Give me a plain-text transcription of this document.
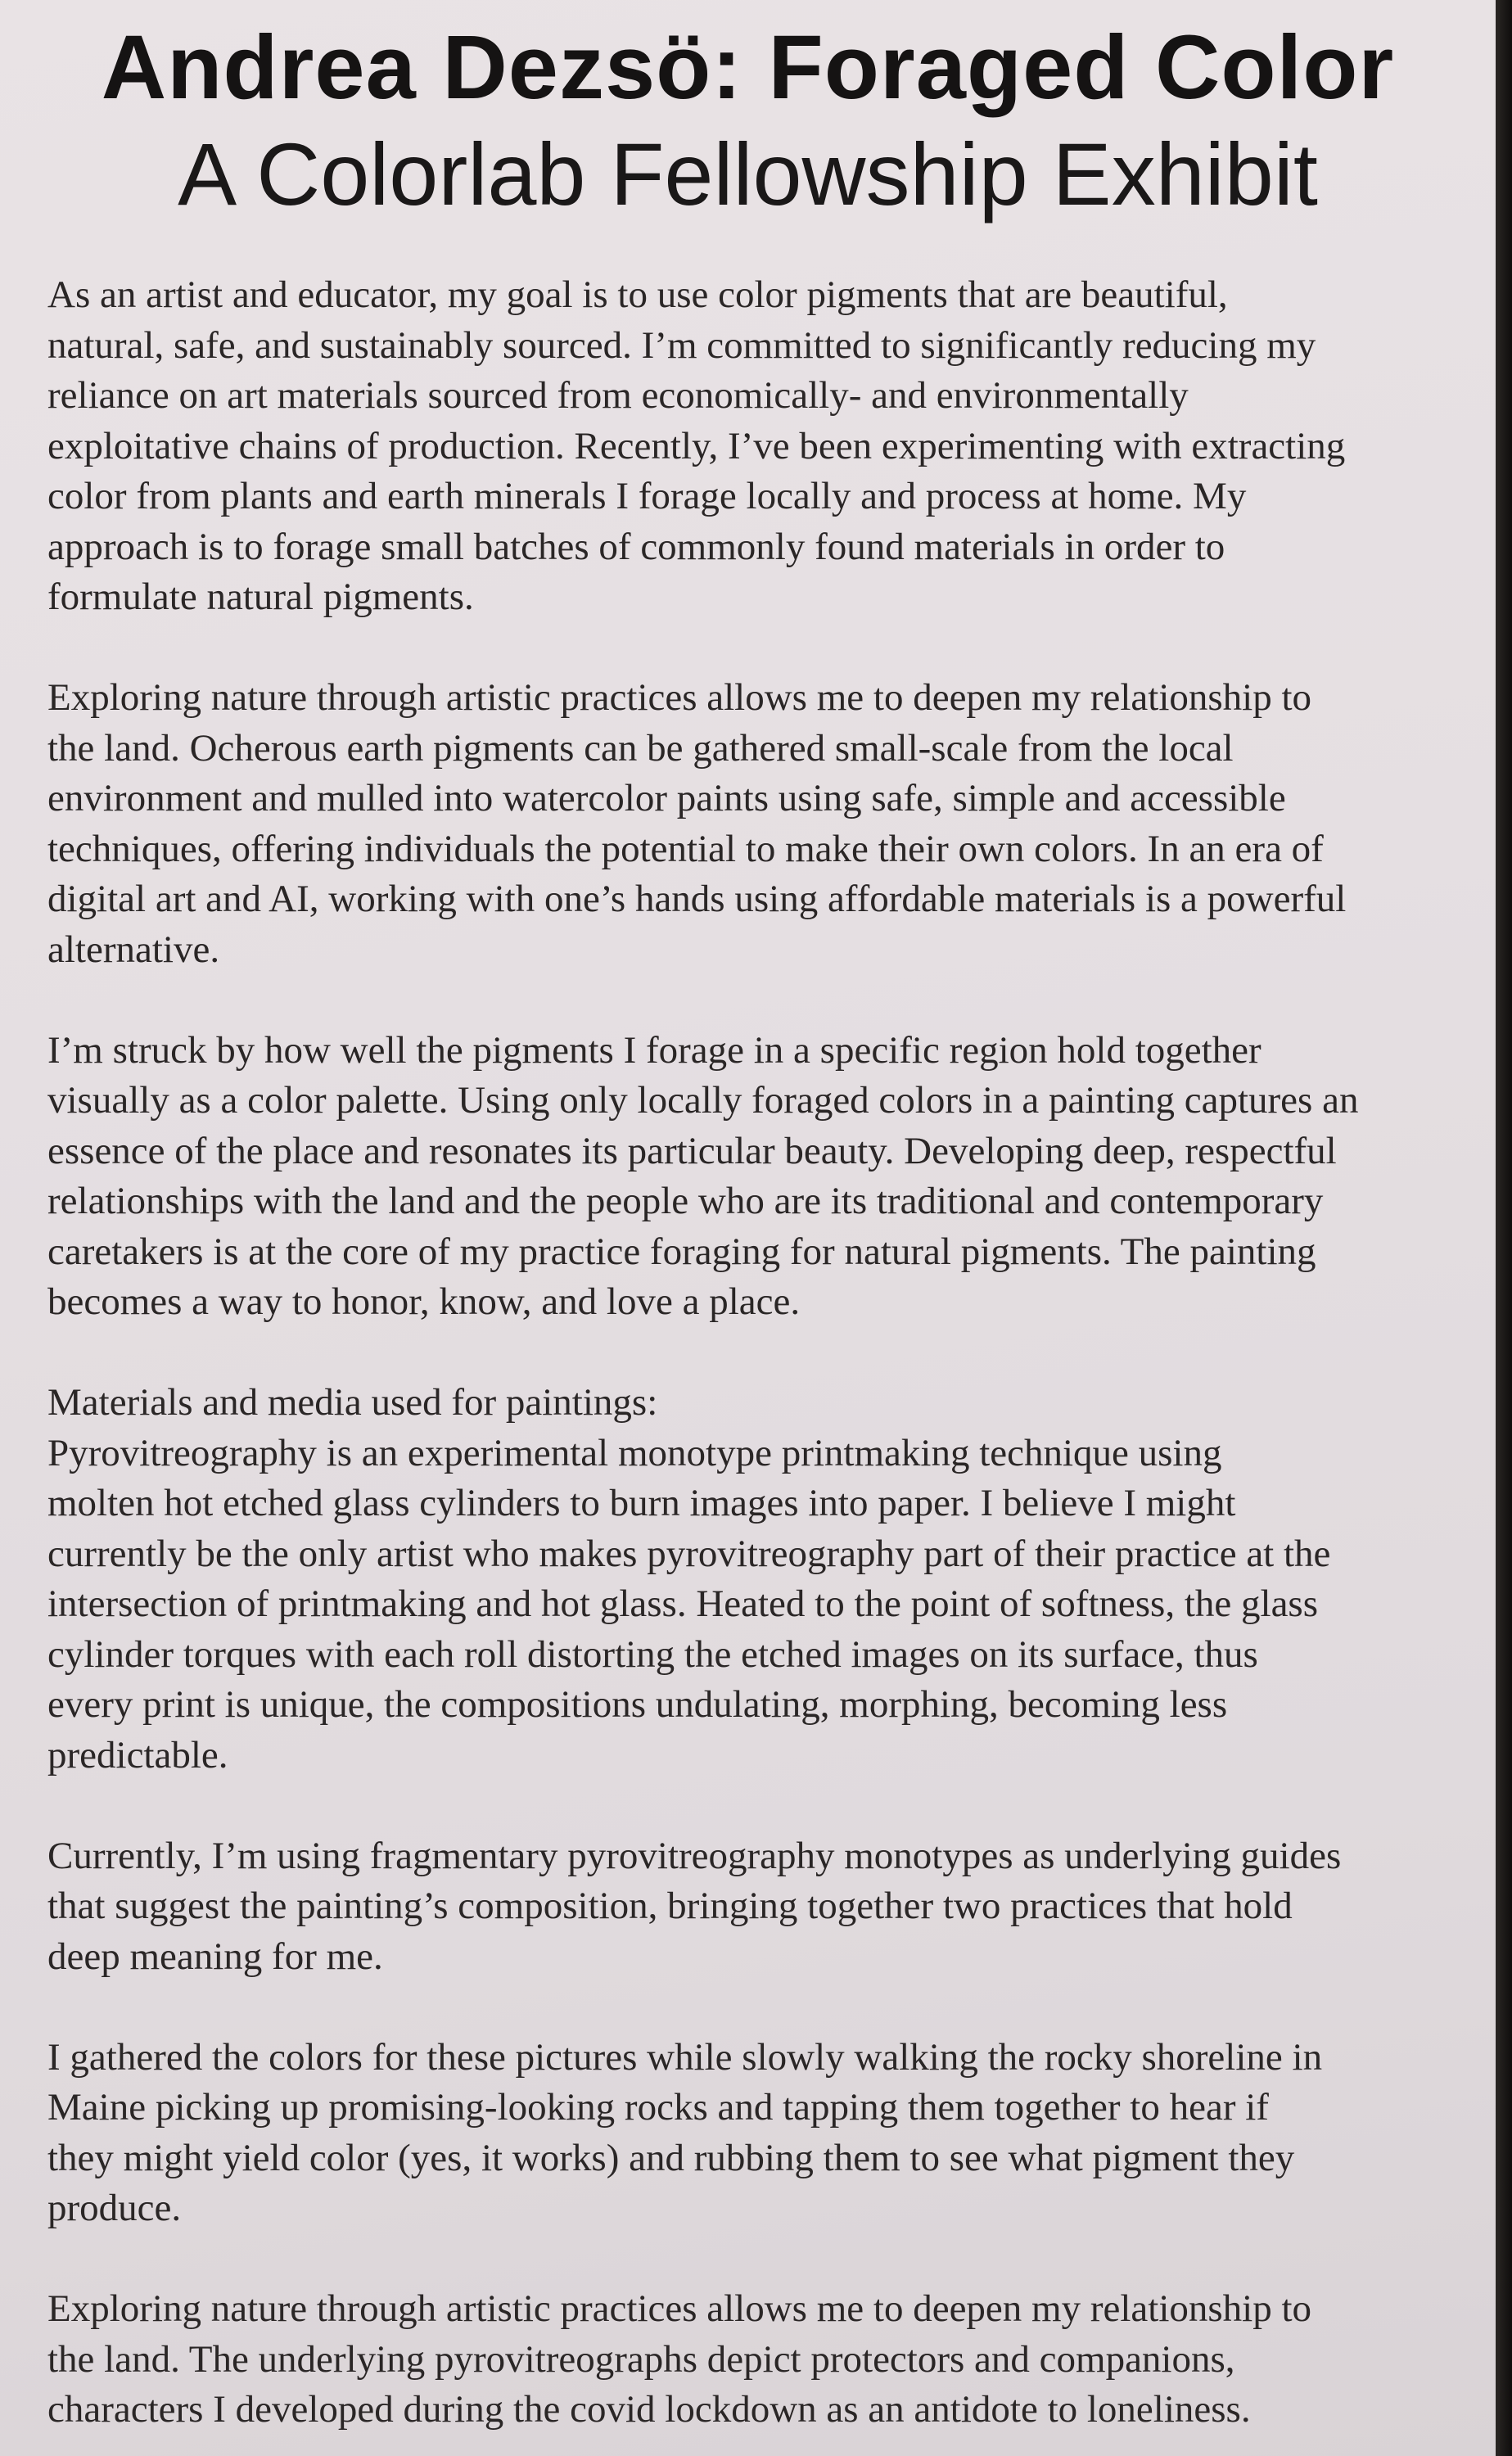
Andrea Dezsö: Foraged Color
A Colorlab Fellowship Exhibit

As an artist and educator, my goal is to use color pigments that are beautiful,
natural, safe, and sustainably sourced. I’m committed to significantly reducing my
reliance on art materials sourced from economically- and environmentally
exploitative chains of production. Recently, I’ve been experimenting with extracting
color from plants and earth minerals I forage locally and process at home. My
approach is to forage small batches of commonly found materials in order to
formulate natural pigments.

Exploring nature through artistic practices allows me to deepen my relationship to
the land. Ocherous earth pigments can be gathered small-scale from the local
environment and mulled into watercolor paints using safe, simple and accessible
techniques, offering individuals the potential to make their own colors. In an era of
digital art and AI, working with one’s hands using affordable materials is a powerful
alternative.

I’m struck by how well the pigments I forage in a specific region hold together
visually as a color palette. Using only locally foraged colors in a painting captures an
essence of the place and resonates its particular beauty. Developing deep, respectful
relationships with the land and the people who are its traditional and contemporary
caretakers is at the core of my practice foraging for natural pigments. The painting
becomes a way to honor, know, and love a place.

Materials and media used for paintings:

Pyrovitreography is an experimental monotype printmaking technique using
molten hot etched glass cylinders to burn images into paper. I believe I might
currently be the only artist who makes pyrovitreography part of their practice at the
intersection of printmaking and hot glass. Heated to the point of softness, the glass
cylinder torques with each roll distorting the etched images on its surface, thus
every print is unique, the compositions undulating, morphing, becoming less
predictable.

Currently, I’m using fragmentary pyrovitreography monotypes as underlying guides
that suggest the painting’s composition, bringing together two practices that hold
deep meaning for me.

I gathered the colors for these pictures while slowly walking the rocky shoreline in
Maine picking up promising-looking rocks and tapping them together to hear if
they might yield color (yes, it works) and rubbing them to see what pigment they
produce.

Exploring nature through artistic practices allows me to deepen my relationship to
the land. The underlying pyrovitreographs depict protectors and companions,
characters I developed during the covid lockdown as an antidote to loneliness.
